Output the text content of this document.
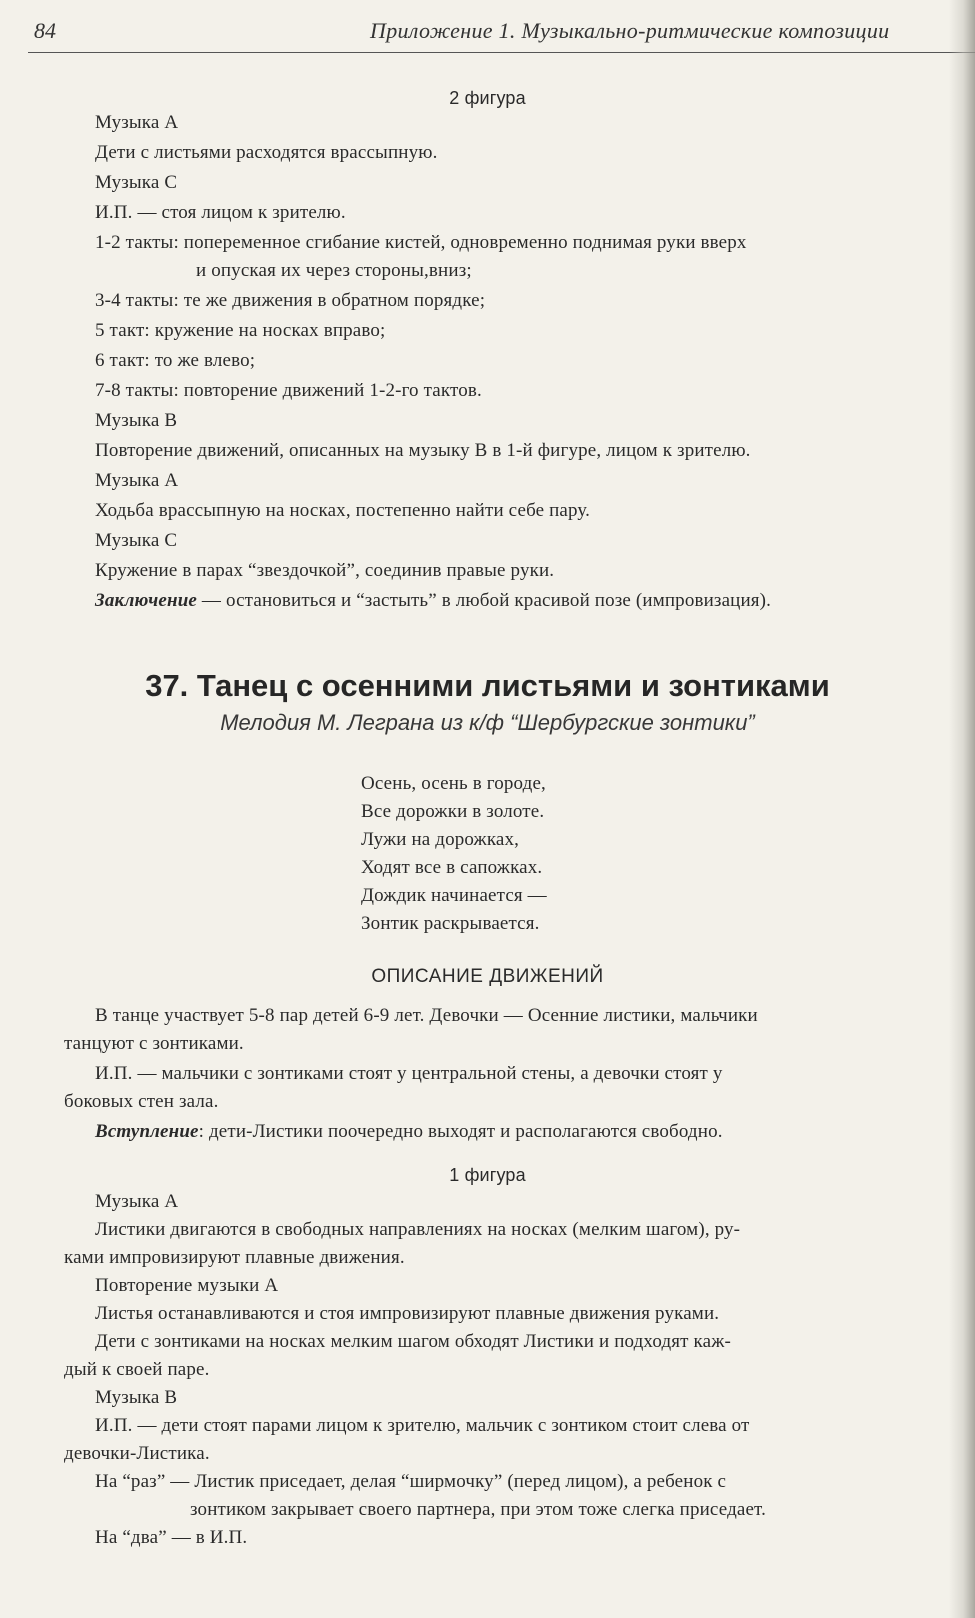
84	Приложение 1. Музыкально-ритмические композиции
2 фигура
Музыка А
Дети с листьями расходятся врассыпную.
Музыка С
И.П. — стоя лицом к зрителю.
1-2 такты: попеременное сгибание кистей, одновременно поднимая руки вверх
и опуская их через стороны,вниз;
3-4 такты: те же движения в обратном порядке;
5 такт: кружение на носках вправо;
6 такт: то же влево;
7-8 такты: повторение движений 1-2-го тактов.
Музыка В
Повторение движений, описанных на музыку В в 1-й фигуре, лицом к зрителю.
Музыка А
Ходьба врассыпную на носках, постепенно найти себе пару.
Музыка С
Кружение в парах “звездочкой”, соединив правые руки.
Заключение — остановиться и “застыть” в любой красивой позе (импровизация).
37. Танец с осенними листьями и зонтиками
Мелодия М. Леграна из к/ф “Шербургские зонтики”
Осень, осень в городе,
Все дорожки в золоте.
Лужи на дорожках,
Ходят все в сапожках.
Дождик начинается —
Зонтик раскрывается.
ОПИСАНИЕ ДВИЖЕНИЙ
В танце участвует 5-8 пар детей 6-9 лет. Девочки — Осенние листики, мальчики
танцуют с зонтиками.
И.П. — мальчики с зонтиками стоят у центральной стены, а девочки стоят у
боковых стен зала.
Вступление: дети-Листики поочередно выходят и располагаются свободно.
1 фигура
Музыка А
Листики двигаются в свободных направлениях на носках (мелким шагом), ру-
ками импровизируют плавные движения.
Повторение музыки А
Листья останавливаются и стоя импровизируют плавные движения руками.
Дети с зонтиками на носках мелким шагом обходят Листики и подходят каж-
дый к своей паре.
Музыка В
И.П. — дети стоят парами лицом к зрителю, мальчик с зонтиком стоит слева от
девочки-Листика.
На “раз” — Листик приседает, делая “ширмочку” (перед лицом), а ребенок с
зонтиком закрывает своего партнера, при этом тоже слегка приседает.
На “два” — в И.П.
